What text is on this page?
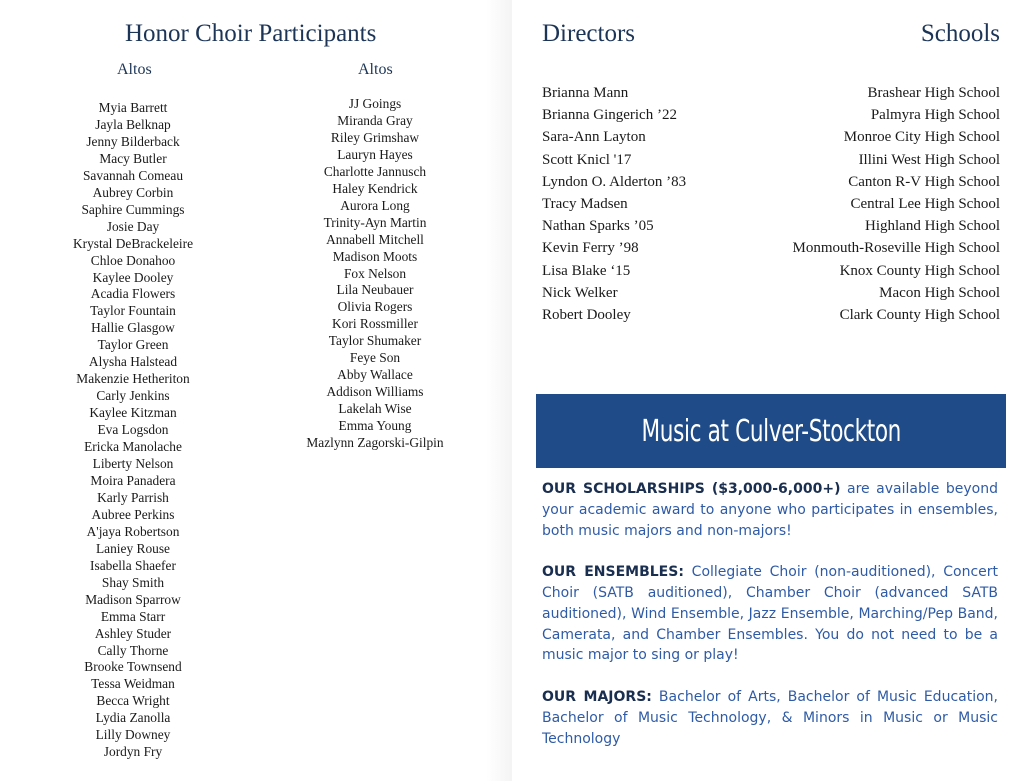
Honor Choir Participants
Altos	Altos
Myia Barrett
Jayla Belknap
Jenny Bilderback
Macy Butler
Savannah Comeau
Aubrey Corbin
Saphire Cummings
Josie Day
Krystal DeBrackeleire
Chloe Donahoo
Kaylee Dooley
Acadia Flowers
Taylor Fountain
Hallie Glasgow
Taylor Green
Alysha Halstead
Makenzie Hetheriton
Carly Jenkins
Kaylee Kitzman
Eva Logsdon
Ericka Manolache
Liberty Nelson
Moira Panadera
Karly Parrish
Aubree Perkins
A'jaya Robertson
Laniey Rouse
Isabella Shaefer
Shay Smith
Madison Sparrow
Emma Starr
Ashley Studer
Cally Thorne
Brooke Townsend
Tessa Weidman
Becca Wright
Lydia Zanolla
Lilly Downey
Jordyn Fry
JJ Goings
Miranda Gray
Riley Grimshaw
Lauryn Hayes
Charlotte Jannusch
Haley Kendrick
Aurora Long
Trinity-Ayn Martin
Annabell Mitchell
Madison Moots
Fox Nelson
Lila Neubauer
Olivia Rogers
Kori Rossmiller
Taylor Shumaker
Feye Son
Abby Wallace
Addison Williams
Lakelah Wise
Emma Young
Mazlynn Zagorski-Gilpin
Directors	Schools
Brianna Mann
Brianna Gingerich ’22
Sara-Ann Layton
Scott Knicl '17
Lyndon O. Alderton ’83
Tracy Madsen
Nathan Sparks ’05
Kevin Ferry ’98
Lisa Blake ‘15
Nick Welker
Robert Dooley
Brashear High School
Palmyra High School
Monroe City High School
Illini West High School
Canton R-V High School
Central Lee High School
Highland High School
Monmouth-Roseville High School
Knox County High School
Macon High School
Clark County High School
Music at Culver-Stockton

OUR SCHOLARSHIPS ($3,000-6,000+) are available beyond your academic award to anyone who participates in ensembles, both music majors and non-majors!

OUR ENSEMBLES: Collegiate Choir (non-auditioned), Concert Choir (SATB auditioned), Chamber Choir (advanced SATB auditioned), Wind Ensemble, Jazz Ensemble, Marching/Pep Band, Camerata, and Chamber Ensembles. You do not need to be a music major to sing or play!

OUR MAJORS: Bachelor of Arts, Bachelor of Music Education, Bachelor of Music Technology, & Minors in Music or Music Technology
